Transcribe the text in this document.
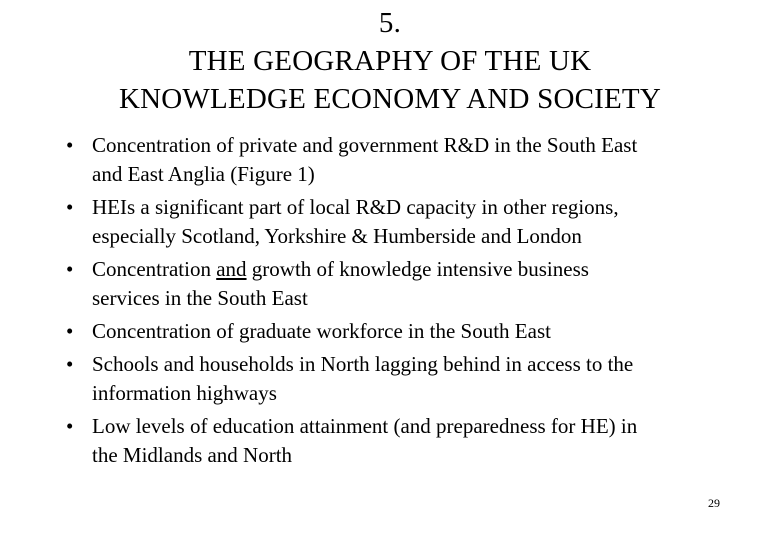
5.
THE GEOGRAPHY OF THE UK
KNOWLEDGE ECONOMY AND SOCIETY
• Concentration of private and government R&D in the South East
and East Anglia (Figure 1)
• HEIs a significant part of local R&D capacity in other regions,
especially Scotland, Yorkshire & Humberside and London
• Concentration and growth of knowledge intensive business
services in the South East
• Concentration of graduate workforce in the South East
• Schools and households in North lagging behind in access to the
information highways
• Low levels of education attainment (and preparedness for HE) in
the Midlands and North
29
